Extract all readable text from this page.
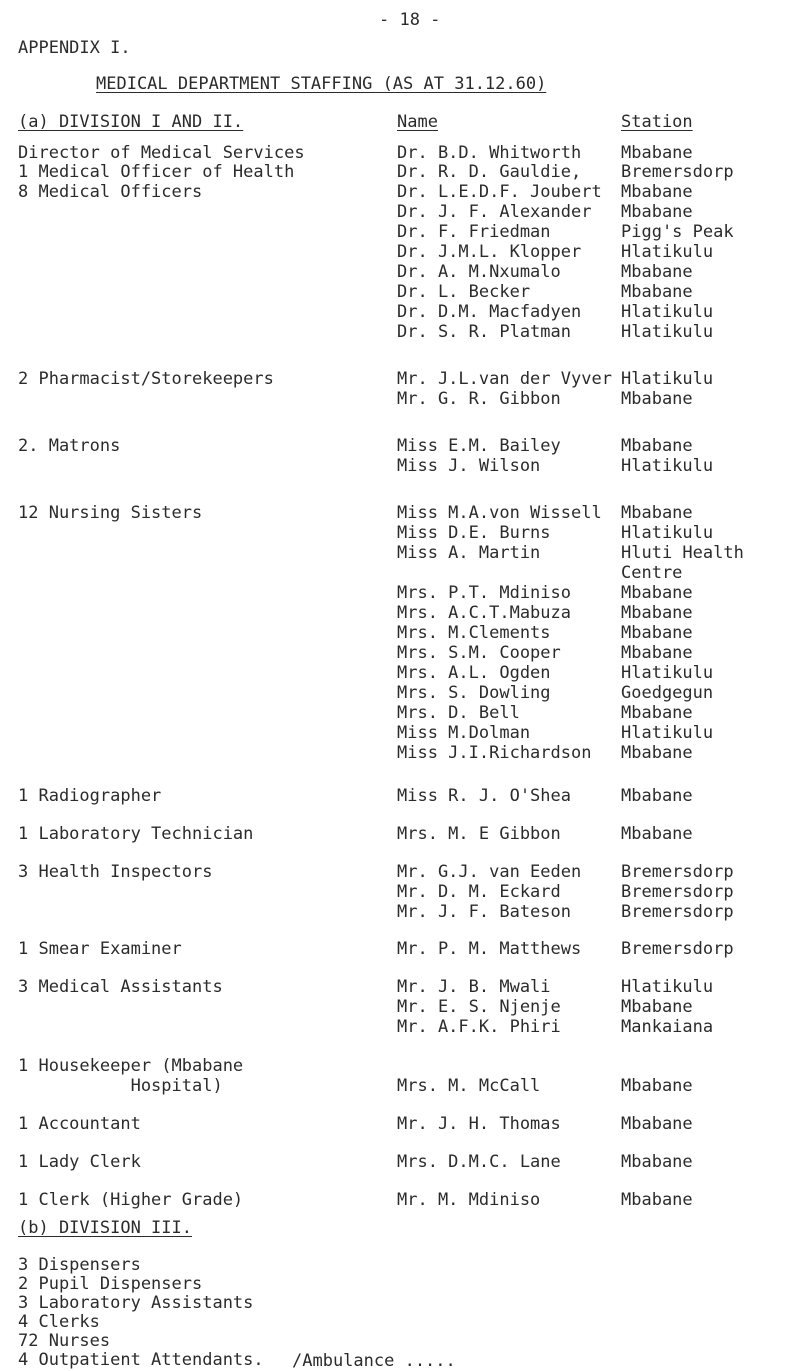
- 18 -
APPENDIX I.
MEDICAL DEPARTMENT STAFFING (AS AT 31.12.60)
(a) DIVISION I AND II.	Name	Station
Director of Medical Services	Dr. B.D. Whitworth Mbabane
1 Medical Officer of Health	Dr. R. D. Gauldie, Bremersdorp
8 Medical Officers	Dr. L.E.D.F. Joubert Mbabane
Dr. J. F. Alexander Mbabane
Dr. F. Friedman	Pigg's Peak
Dr. J.M.L. Klopper Hlatikulu
Dr. A. M.Nxumalo	Mbabane
Dr. L. Becker	Mbabane
Dr. D.M. Macfadyen Hlatikulu
Dr. S. R. Platman	Hlatikulu
2 Pharmacist/Storekeepers	Mr. J.L.van der Vyver Hlatikulu
Mr. G. R. Gibbon	Mbabane
2. Matrons	Miss E.M. Bailey	Mbabane
Miss J. Wilson	Hlatikulu
12 Nursing Sisters	Miss M.A.von Wissell Mbabane
Miss D.E. Burns	Hlatikulu
Miss A. Martin	Hluti Health
Centre
Mrs. P.T. Mdiniso	Mbabane
Mrs. A.C.T.Mabuza	Mbabane
Mrs. M.Clements	Mbabane
Mrs. S.M. Cooper	Mbabane
Mrs. A.L. Ogden	Hlatikulu
Mrs. S. Dowling	Goedgegun
Mrs. D. Bell	Mbabane
Miss M.Dolman	Hlatikulu
Miss J.I.Richardson Mbabane
1 Radiographer	Miss R. J. O'Shea	Mbabane
1 Laboratory Technician	Mrs. M. E Gibbon	Mbabane
3 Health Inspectors	Mr. G.J. van Eeden Bremersdorp
Mr. D. M. Eckard	Bremersdorp
Mr. J. F. Bateson	Bremersdorp
1 Smear Examiner	Mr. P. M. Matthews Bremersdorp
3 Medical Assistants	Mr. J. B. Mwali	Hlatikulu
Mr. E. S. Njenje	Mbabane
Mr. A.F.K. Phiri	Mankaiana
1 Housekeeper (Mbabane
Hospital)	Mrs. M. McCall	Mbabane
1 Accountant	Mr. J. H. Thomas	Mbabane
1 Lady Clerk	Mrs. D.M.C. Lane	Mbabane
1 Clerk (Higher Grade)	Mr. M. Mdiniso	Mbabane
(b) DIVISION III.
3 Dispensers
2 Pupil Dispensers
3 Laboratory Assistants
4 Clerks
72 Nurses
4 Outpatient Attendants. /Ambulance .....
